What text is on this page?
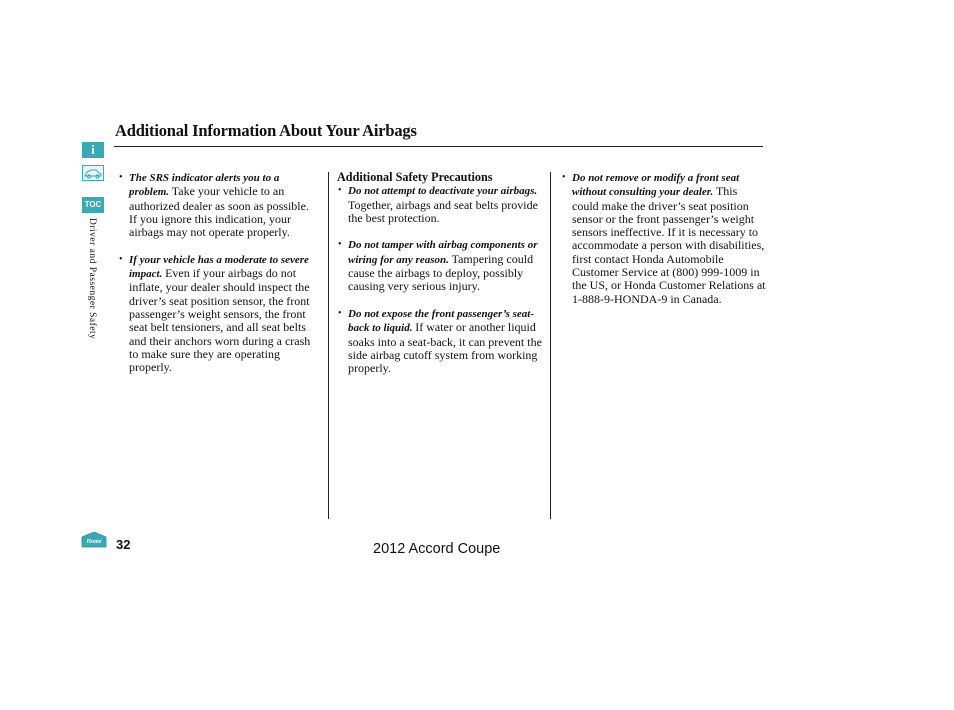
Additional Information About Your Airbags
i
TOC
Driver and Passenger Safety
• The SRS indicator alerts you to a problem. Take your vehicle to an authorized dealer as soon as possible. If you ignore this indication, your airbags may not operate properly.
• If your vehicle has a moderate to severe impact. Even if your airbags do not inflate, your dealer should inspect the driver’s seat position sensor, the front passenger’s weight sensors, the front seat belt tensioners, and all seat belts and their anchors worn during a crash to make sure they are operating properly.
Additional Safety Precautions
• Do not attempt to deactivate your airbags. Together, airbags and seat belts provide the best protection.
• Do not tamper with airbag components or wiring for any reason. Tampering could cause the airbags to deploy, possibly causing very serious injury.
• Do not expose the front passenger’s seat-back to liquid. If water or another liquid soaks into a seat-back, it can prevent the side airbag cutoff system from working properly.
• Do not remove or modify a front seat without consulting your dealer. This could make the driver’s seat position sensor or the front passenger’s weight sensors ineffective. If it is necessary to accommodate a person with disabilities, first contact Honda Automobile Customer Service at (800) 999-1009 in the US, or Honda Customer Relations at 1-888-9-HONDA-9 in Canada.
Home 32	2012 Accord Coupe
